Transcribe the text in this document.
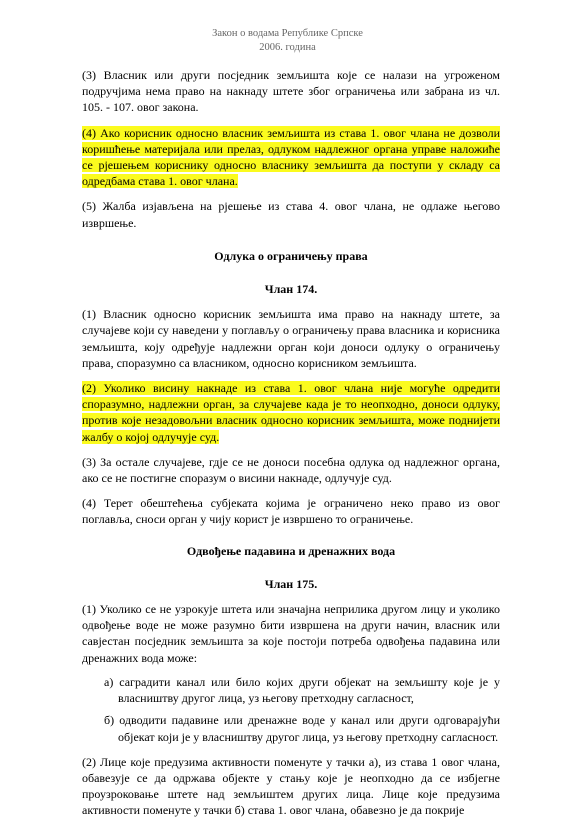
Закон о водама Републике Српске
2006. година

(3) Власник или други посједник земљишта које се налази на угроженом подручјима нема право на накнаду штете због ограничења или забрана из чл. 105. - 107. овог закона.

(4) Ако корисник односно власник земљишта из става 1. овог члана не дозволи коришћење материјала или прелаз, одлуком надлежног органа управе наложиће се рјешењем кориснику односно власнику земљишта да поступи у складу са одредбама става 1. овог члана.

(5) Жалба изјављена на рјешење из става 4. овог члана, не одлаже његово извршење.

Одлука о ограничењу права

Члан 174.

(1) Власник односно корисник земљишта има право на накнаду штете, за случајеве који су наведени у поглављу о ограничењу права власника и корисника земљишта, коју одређује надлежни орган који доноси одлуку о ограничењу права, споразумно са власником, односно корисником земљишта.

(2) Уколико висину накнаде из става 1. овог члана није могуће одредити споразумно, надлежни орган, за случајеве када је то неопходно, доноси одлуку, против које незадовољни власник односно корисник земљишта, може поднијети жалбу о којој одлучује суд.

(3) За остале случајеве, гдје се не доноси посебна одлука од надлежног органа, ако се не постигне споразум о висини накнаде, одлучује суд.

(4) Терет обештећења субјеката којима је ограничено неко право из овог поглавља, сноси орган у чију корист је извршено то ограничење.

Одвођење падавина и дренажних вода

Члан 175.

(1) Уколико се не узрокује штета или значајна неприлика другом лицу и уколико одвођење воде не може разумно бити извршена на други начин, власник или савјестан посједник земљишта за које постоји потреба одвођења падавина или дренажних вода може:

а) саградити канал или било којих други објекат на земљишту које је у власништву другог лица, уз његову претходну сагласност,

б) одводити падавине или дренажне воде у канал или други одговарајући објекат који је у власништву другог лица, уз његову претходну сагласност.

(2) Лице које предузима активности поменуте у тачки а), из става 1 овог члана, обавезује се да одржава објекте у стању које је неопходно да се избјегне проузроковање штете над земљиштем других лица. Лице које предузима активности поменуте у тачки б) става 1. овог члана, обавезно је да покрије
